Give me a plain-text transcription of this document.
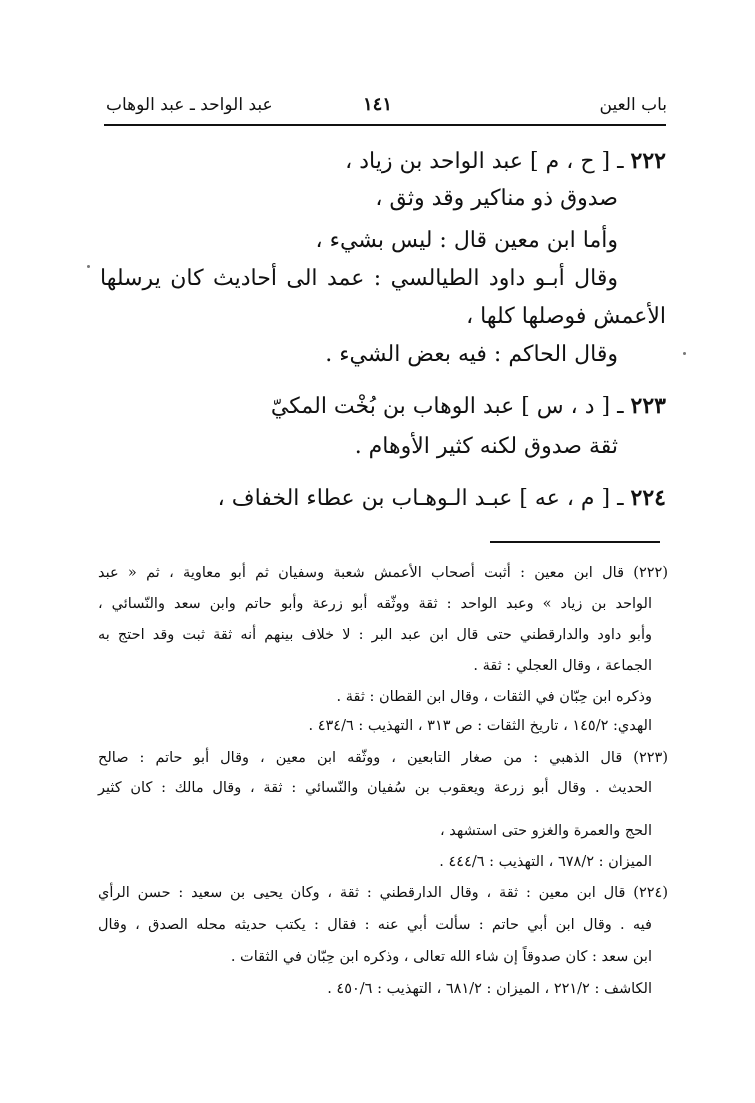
باب العين
١٤١
عبد الواحد ـ عبد الوهاب
٢٢٢ ـ [ ح ، م ] عبد الواحد بن زياد ،
صدوق ذو مناكير وقد وثق ،
وأما ابن معين قال : ليس بشيء ،
وقال أبـو داود الطيالسي : عمد الى أحاديث كان يرسلها
الأعمش فوصلها كلها ،
وقال الحاكم : فيه بعض الشيء .
٢٢٣ ـ [ د ، س ] عبد الوهاب بن بُخْت المكيّ
ثقة صدوق لكنه كثير الأوهام .
٢٢٤ ـ [ م ، عه ] عبـد الـوهـاب بن عطاء الخفاف ،
(٢٢٢) قال ابن معين : أثبت أصحاب الأعمش شعبة وسفيان ثم أبو معاوية ، ثم « عبد
الواحد بن زياد » وعبد الواحد : ثقة ووثّقه أبو زرعة وأبو حاتم وابن سعد والنّسائي ،
وأبو داود والدارقطني حتى قال ابن عبد البر : لا خلاف بينهم أنه ثقة ثبت وقد احتج به
الجماعة ، وقال العجلي : ثقة .
وذكره ابن حِبّان في الثقات ، وقال ابن القطان : ثقة .
الهدي: ١٤٥/٢ ، تاريخ الثقات : ص ٣١٣ ، التهذيب : ٤٣٤/٦ .
(٢٢٣) قال الذهبي : من صغار التابعين ، ووثّقه ابن معين ، وقال أبو حاتم : صالح
الحديث . وقال أبو زرعة ويعقوب بن سُفيان والنّسائي : ثقة ، وقال مالك : كان كثير
الحج والعمرة والغزو حتى استشهد ،
الميزان : ٦٧٨/٢ ، التهذيب : ٤٤٤/٦ .
(٢٢٤) قال ابن معين : ثقة ، وقال الدارقطني : ثقة ، وكان يحيى بن سعيد : حسن الرأي
فيه . وقال ابن أبي حاتم : سألت أبي عنه : فقال : يكتب حديثه محله الصدق ، وقال
ابن سعد : كان صدوقاً إن شاء الله تعالى ، وذكره ابن حِبّان في الثقات .
الكاشف : ٢٢١/٢ ، الميزان : ٦٨١/٢ ، التهذيب : ٤٥٠/٦ .
